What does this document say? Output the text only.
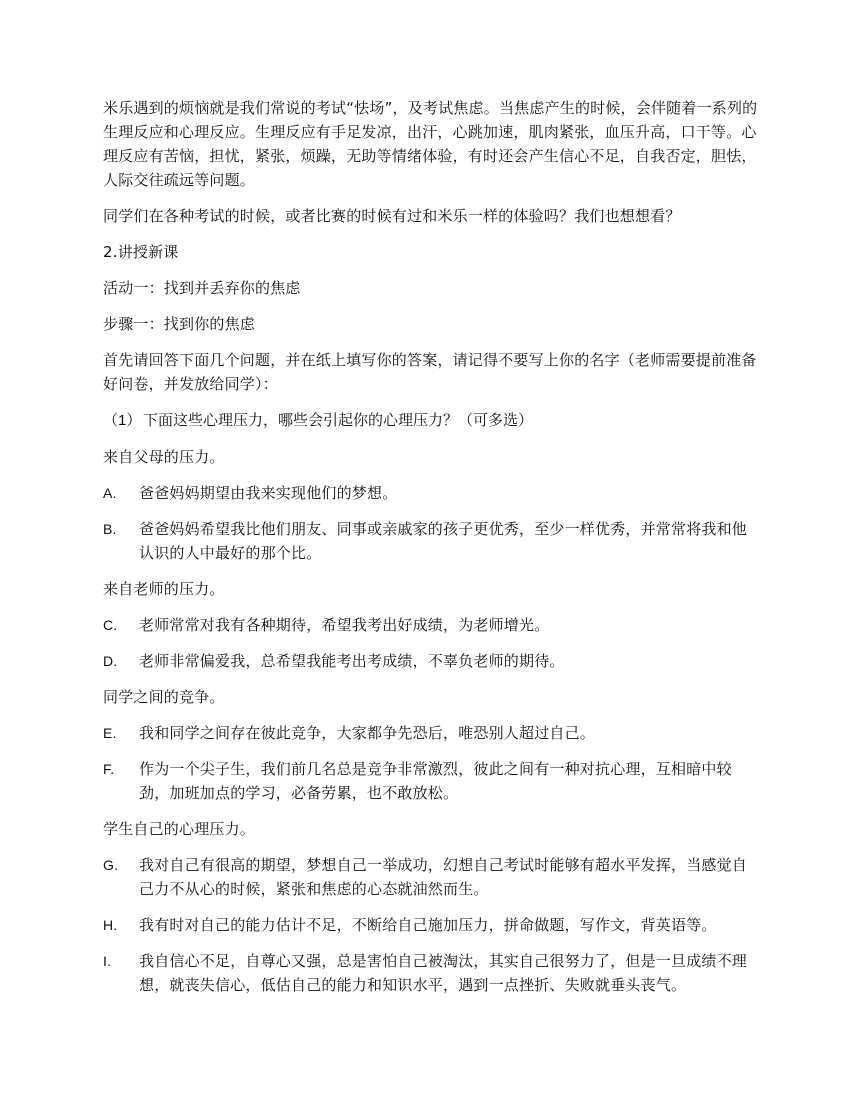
米乐遇到的烦恼就是我们常说的考试“怯场”，及考试焦虑。当焦虑产生的时候，会伴随着一系列的生理反应和心理反应。生理反应有手足发凉，出汗，心跳加速，肌肉紧张，血压升高，口干等。心理反应有苦恼，担忧，紧张，烦躁，无助等情绪体验，有时还会产生信心不足，自我否定，胆怯，人际交往疏远等问题。

同学们在各种考试的时候，或者比赛的时候有过和米乐一样的体验吗？我们也想想看？

2.讲授新课

活动一：找到并丢弃你的焦虑

步骤一：找到你的焦虑

首先请回答下面几个问题，并在纸上填写你的答案，请记得不要写上你的名字（老师需要提前准备好问卷，并发放给同学）：

（1） 下面这些心理压力，哪些会引起你的心理压力？（可多选）

来自父母的压力。

A.	爸爸妈妈期望由我来实现他们的梦想。
B.	爸爸妈妈希望我比他们朋友、同事或亲戚家的孩子更优秀，至少一样优秀，并常常将我和他认识的人中最好的那个比。

来自老师的压力。

C.	老师常常对我有各种期待，希望我考出好成绩，为老师增光。
D.	老师非常偏爱我，总希望我能考出考成绩，不辜负老师的期待。

同学之间的竞争。

E.	我和同学之间存在彼此竞争，大家都争先恐后，唯恐别人超过自己。
F.	作为一个尖子生，我们前几名总是竞争非常激烈，彼此之间有一种对抗心理，互相暗中较劲，加班加点的学习，必备劳累，也不敢放松。

学生自己的心理压力。

G.	我对自己有很高的期望，梦想自己一举成功，幻想自己考试时能够有超水平发挥，当感觉自己力不从心的时候，紧张和焦虑的心态就油然而生。
H.	我有时对自己的能力估计不足，不断给自己施加压力，拼命做题，写作文，背英语等。
I.	我自信心不足，自尊心又强，总是害怕自己被淘汰，其实自己很努力了，但是一旦成绩不理想，就丧失信心，低估自己的能力和知识水平，遇到一点挫折、失败就垂头丧气。
